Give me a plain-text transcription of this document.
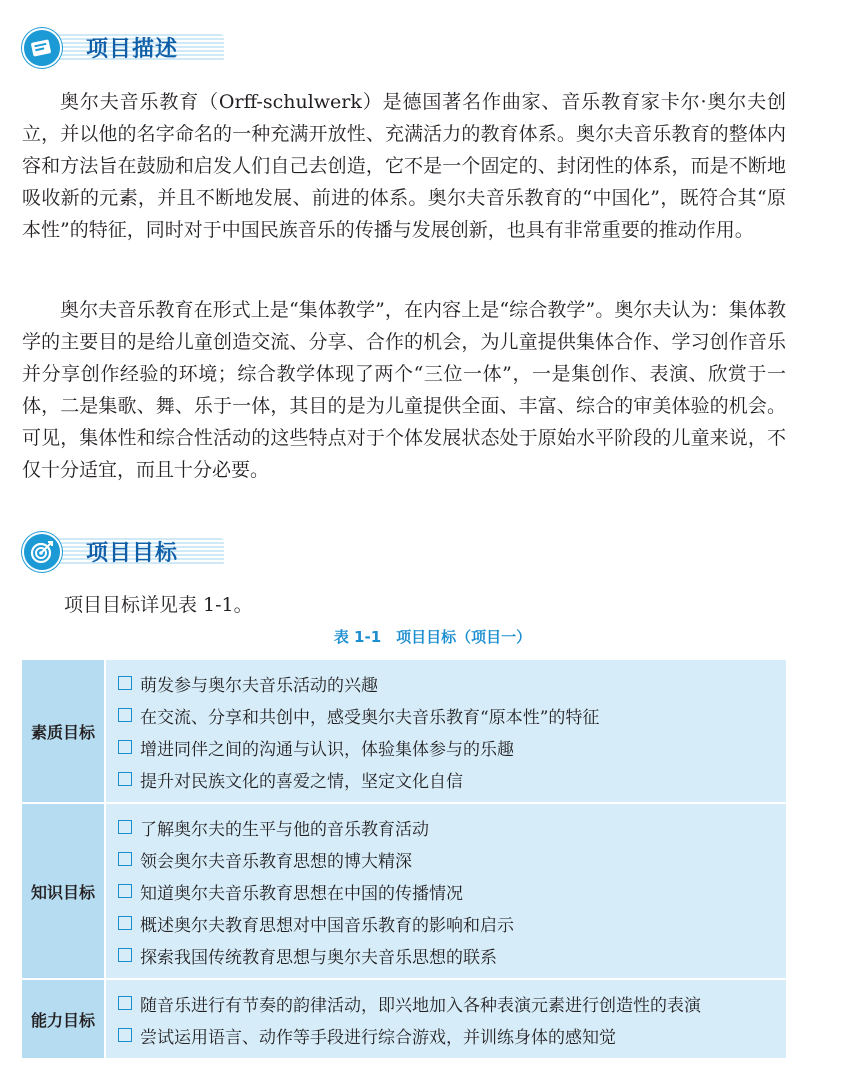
项目描述

奥尔夫音乐教育（Orff-schulwerk）是德国著名作曲家、音乐教育家卡尔·奥尔夫创立，并以他的名字命名的一种充满开放性、充满活力的教育体系。奥尔夫音乐教育的整体内容和方法旨在鼓励和启发人们自己去创造，它不是一个固定的、封闭性的体系，而是不断地吸收新的元素，并且不断地发展、前进的体系。奥尔夫音乐教育的“中国化”，既符合其“原本性”的特征，同时对于中国民族音乐的传播与发展创新，也具有非常重要的推动作用。

奥尔夫音乐教育在形式上是“集体教学”，在内容上是“综合教学”。奥尔夫认为：集体教学的主要目的是给儿童创造交流、分享、合作的机会，为儿童提供集体合作、学习创作音乐并分享创作经验的环境；综合教学体现了两个“三位一体”，一是集创作、表演、欣赏于一体，二是集歌、舞、乐于一体，其目的是为儿童提供全面、丰富、综合的审美体验的机会。可见，集体性和综合性活动的这些特点对于个体发展状态处于原始水平阶段的儿童来说，不仅十分适宜，而且十分必要。

项目目标
项目目标详见表 1-1。
表 1-1　项目目标（项目一）
素质目标
萌发参与奥尔夫音乐活动的兴趣
在交流、分享和共创中，感受奥尔夫音乐教育“原本性”的特征
增进同伴之间的沟通与认识，体验集体参与的乐趣
提升对民族文化的喜爱之情，坚定文化自信
知识目标
了解奥尔夫的生平与他的音乐教育活动
领会奥尔夫音乐教育思想的博大精深
知道奥尔夫音乐教育思想在中国的传播情况
概述奥尔夫教育思想对中国音乐教育的影响和启示
探索我国传统教育思想与奥尔夫音乐思想的联系
能力目标
随音乐进行有节奏的韵律活动，即兴地加入各种表演元素进行创造性的表演
尝试运用语言、动作等手段进行综合游戏，并训练身体的感知觉
